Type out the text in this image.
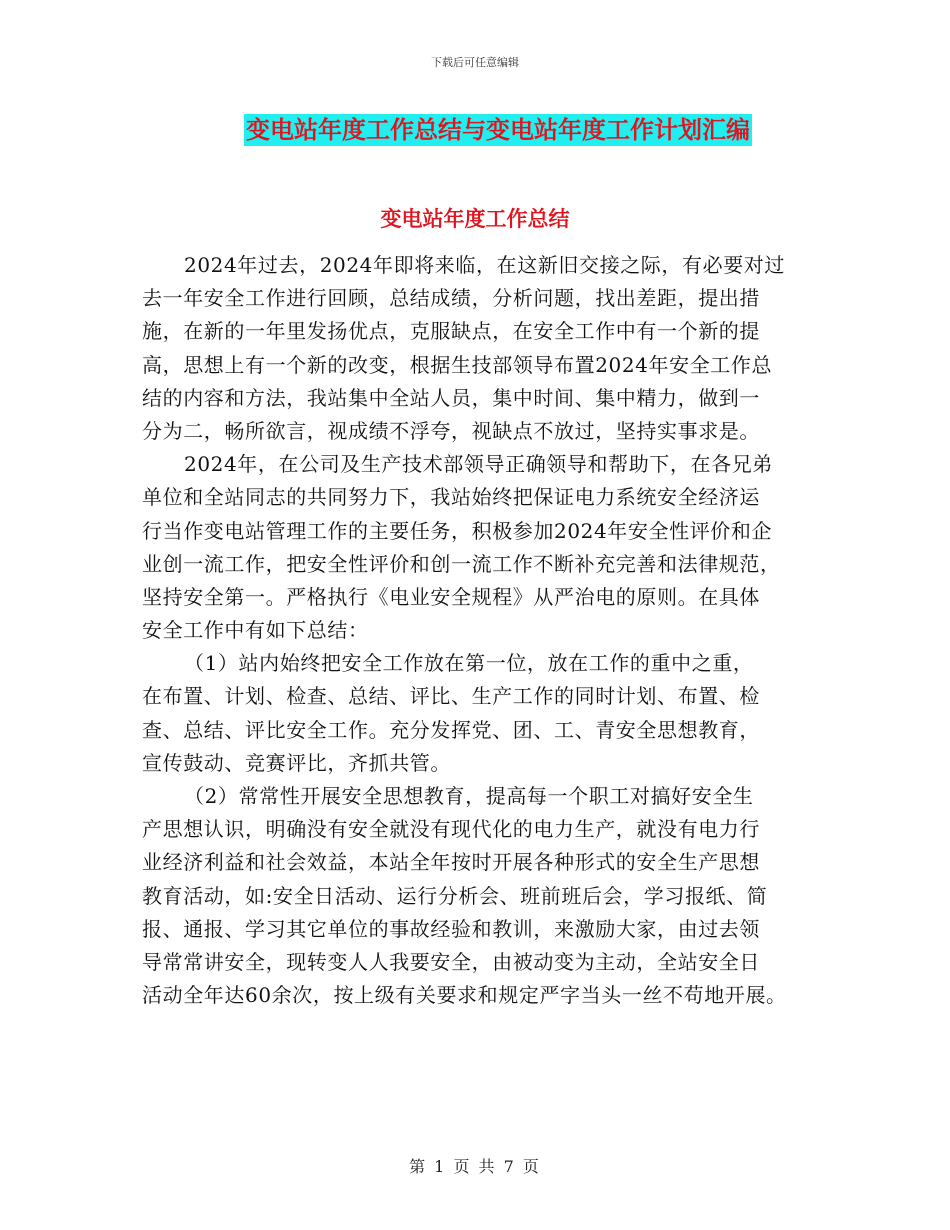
下载后可任意编辑
变电站年度工作总结与变电站年度工作计划汇编
变电站年度工作总结
2024年过去，2024年即将来临，在这新旧交接之际，有必要对过
去一年安全工作进行回顾，总结成绩，分析问题，找出差距，提出措
施，在新的一年里发扬优点，克服缺点，在安全工作中有一个新的提
高，思想上有一个新的改变，根据生技部领导布置2024年安全工作总
结的内容和方法，我站集中全站人员，集中时间、集中精力，做到一
分为二，畅所欲言，视成绩不浮夸，视缺点不放过，坚持实事求是。
2024年，在公司及生产技术部领导正确领导和帮助下，在各兄弟
单位和全站同志的共同努力下，我站始终把保证电力系统安全经济运
行当作变电站管理工作的主要任务，积极参加2024年安全性评价和企
业创一流工作，把安全性评价和创一流工作不断补充完善和法律规范，
坚持安全第一。严格执行《电业安全规程》从严治电的原则。在具体
安全工作中有如下总结：
（1）站内始终把安全工作放在第一位，放在工作的重中之重，
在布置、计划、检查、总结、评比、生产工作的同时计划、布置、检
查、总结、评比安全工作。充分发挥党、团、工、青安全思想教育，
宣传鼓动、竞赛评比，齐抓共管。
（2）常常性开展安全思想教育，提高每一个职工对搞好安全生
产思想认识，明确没有安全就没有现代化的电力生产，就没有电力行
业经济利益和社会效益，本站全年按时开展各种形式的安全生产思想
教育活动，如:安全日活动、运行分析会、班前班后会，学习报纸、简
报、通报、学习其它单位的事故经验和教训，来激励大家，由过去领
导常常讲安全，现转变人人我要安全，由被动变为主动，全站安全日
活动全年达60余次，按上级有关要求和规定严字当头一丝不苟地开展。
第 1 页 共 7 页
